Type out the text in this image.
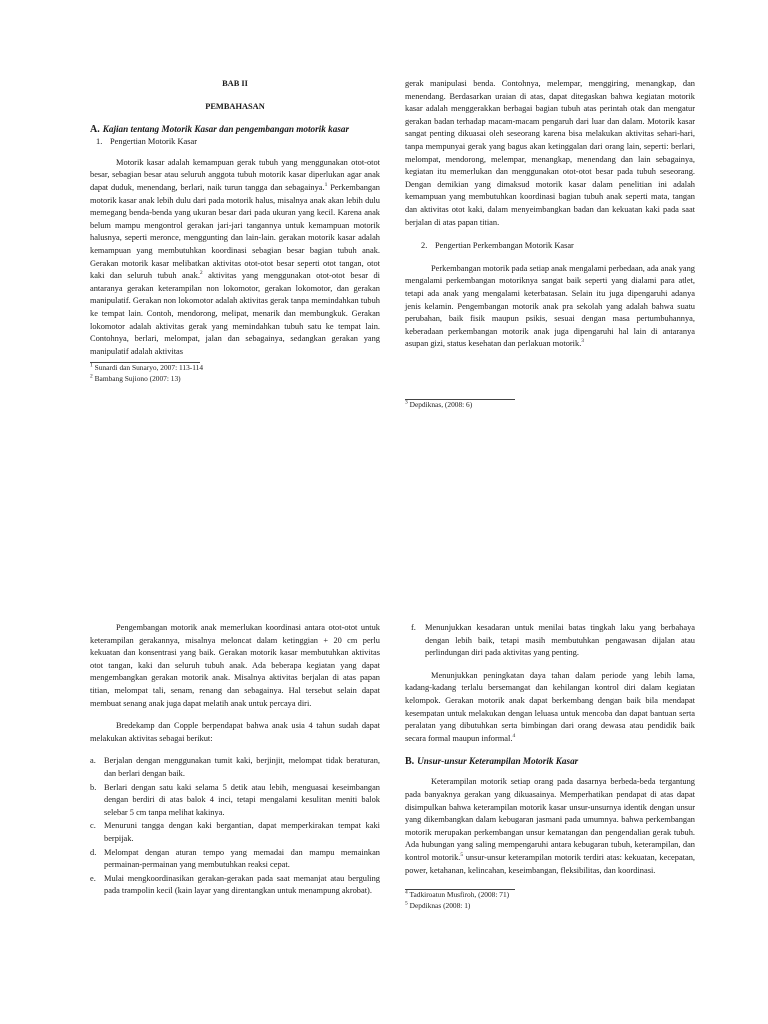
BAB II
PEMBAHASAN
A. Kajian tentang Motorik Kasar dan pengembangan motorik kasar
1. Pengertian Motorik Kasar

Motorik kasar adalah kemampuan gerak tubuh yang menggunakan otot-otot besar, sebagian besar atau seluruh anggota tubuh motorik kasar diperlukan agar anak dapat duduk, menendang, berlari, naik turun tangga dan sebagainya.$^1$ Perkembangan motorik kasar anak lebih dulu dari pada motorik halus, misalnya anak akan lebih dulu memegang benda-benda yang ukuran besar dari pada ukuran yang kecil. Karena anak belum mampu mengontrol gerakan jari-jari tangannya untuk kemampuan motorik halusnya, seperti meronce, menggunting dan lain-lain. gerakan motorik kasar adalah kemampuan yang membutuhkan koordinasi sebagian besar bagian tubuh anak. Gerakan motorik kasar melibatkan aktivitas otot-otot besar seperti otot tangan, otot kaki dan seluruh tubuh anak.$^2$ aktivitas yang menggunakan otot-otot besar di antaranya gerakan keterampilan non lokomotor, gerakan lokomotor, dan gerakan manipulatif. Gerakan non lokomotor adalah aktivitas gerak tanpa memindahkan tubuh ke tempat lain. Contoh, mendorong, melipat, menarik dan membungkuk. Gerakan lokomotor adalah aktivitas gerak yang memindahkan tubuh satu ke tempat lain. Contohnya, berlari, melompat, jalan dan sebagainya, sedangkan gerakan yang manipulatif adalah aktivitas

$^1$ Sunardi dan Sunaryo, 2007: 113-114
$^2$ Bambang Sujiono (2007: 13)

gerak manipulasi benda. Contohnya, melempar, menggiring, menangkap, dan menendang. Berdasarkan uraian di atas, dapat ditegaskan bahwa kegiatan motorik kasar adalah menggerakkan berbagai bagian tubuh atas perintah otak dan mengatur gerakan badan terhadap macam-macam pengaruh dari luar dan dalam. Motorik kasar sangat penting dikuasai oleh seseorang karena bisa melakukan aktivitas sehari-hari, tanpa mempunyai gerak yang bagus akan ketinggalan dari orang lain, seperti: berlari, melompat, mendorong, melempar, menangkap, menendang dan lain sebagainya, kegiatan itu memerlukan dan menggunakan otot-otot besar pada tubuh seseorang. Dengan demikian yang dimaksud motorik kasar dalam penelitian ini adalah kemampuan yang membutuhkan koordinasi bagian tubuh anak seperti mata, tangan dan aktivitas otot kaki, dalam menyeimbangkan badan dan kekuatan kaki pada saat berjalan di atas papan titian.

2. Pengertian Perkembangan Motorik Kasar

Perkembangan motorik pada setiap anak mengalami perbedaan, ada anak yang mengalami perkembangan motoriknya sangat baik seperti yang dialami para atlet, tetapi ada anak yang mengalami keterbatasan. Selain itu juga dipengaruhi adanya jenis kelamin. Pengembangan motorik anak pra sekolah yang adalah bahwa suatu perubahan, baik fisik maupun psikis, sesuai dengan masa pertumbuhannya, keberadaan perkembangan motorik anak juga dipengaruhi hal lain di antaranya asupan gizi, status kesehatan dan perlakuan motorik.$^3$

$^3$ Depdiknas, (2008: 6)

Pengembangan motorik anak memerlukan koordinasi antara otot-otot untuk keterampilan gerakannya, misalnya meloncat dalam ketinggian + 20 cm perlu kekuatan dan konsentrasi yang baik. Gerakan motorik kasar membutuhkan aktivitas otot tangan, kaki dan seluruh tubuh anak. Ada beberapa kegiatan yang dapat mengembangkan gerakan motorik anak. Misalnya aktivitas berjalan di atas papan titian, melompat tali, senam, renang dan sebagainya. Hal tersebut selain dapat membuat senang anak juga dapat melatih anak untuk percaya diri.

Bredekamp dan Copple berpendapat bahwa anak usia 4 tahun sudah dapat melakukan aktivitas sebagai berikut:

a. Berjalan dengan menggunakan tumit kaki, berjinjit, melompat tidak beraturan, dan berlari dengan baik.
b. Berlari dengan satu kaki selama 5 detik atau lebih, menguasai keseimbangan dengan berdiri di atas balok 4 inci, tetapi mengalami kesulitan meniti balok selebar 5 cm tanpa melihat kakinya.
c. Menuruni tangga dengan kaki bergantian, dapat memperkirakan tempat kaki berpijak.
d. Melompat dengan aturan tempo yang memadai dan mampu memainkan permainan-permainan yang membutuhkan reaksi cepat.
e. Mulai mengkoordinasikan gerakan-gerakan pada saat memanjat atau berguling pada trampolin kecil (kain layar yang direntangkan untuk menampung akrobat).
f. Menunjukkan kesadaran untuk menilai batas tingkah laku yang berbahaya dengan lebih baik, tetapi masih membutuhkan pengawasan dijalan atau perlindungan diri pada aktivitas yang penting.

Menunjukkan peningkatan daya tahan dalam periode yang lebih lama, kadang-kadang terlalu bersemangat dan kehilangan kontrol diri dalam kegiatan kelompok. Gerakan motorik anak dapat berkembang dengan baik bila mendapat kesempatan untuk melakukan dengan leluasa untuk mencoba dan dapat bantuan serta peralatan yang dibutuhkan serta bimbingan dari orang dewasa atau pendidik baik secara formal maupun informal.$^4$

B. Unsur-unsur Keterampilan Motorik Kasar

Keterampilan motorik setiap orang pada dasarnya berbeda-beda tergantung pada banyaknya gerakan yang dikuasainya. Memperhatikan pendapat di atas dapat disimpulkan bahwa keterampilan motorik kasar unsur-unsurnya identik dengan unsur yang dikembangkan dalam kebugaran jasmani pada umumnya. bahwa perkembangan motorik merupakan perkembangan unsur kematangan dan pengendalian gerak tubuh. Ada hubungan yang saling mempengaruhi antara kebugaran tubuh, keterampilan, dan kontrol motorik.$^5$ unsur-unsur keterampilan motorik terdiri atas: kekuatan, kecepatan, power, ketahanan, kelincahan, keseimbangan, fleksibilitas, dan koordinasi.

$^4$ Tadkiroatun Musfiroh, (2008: 71)
$^5$ Depdiknas (2008: 1)
